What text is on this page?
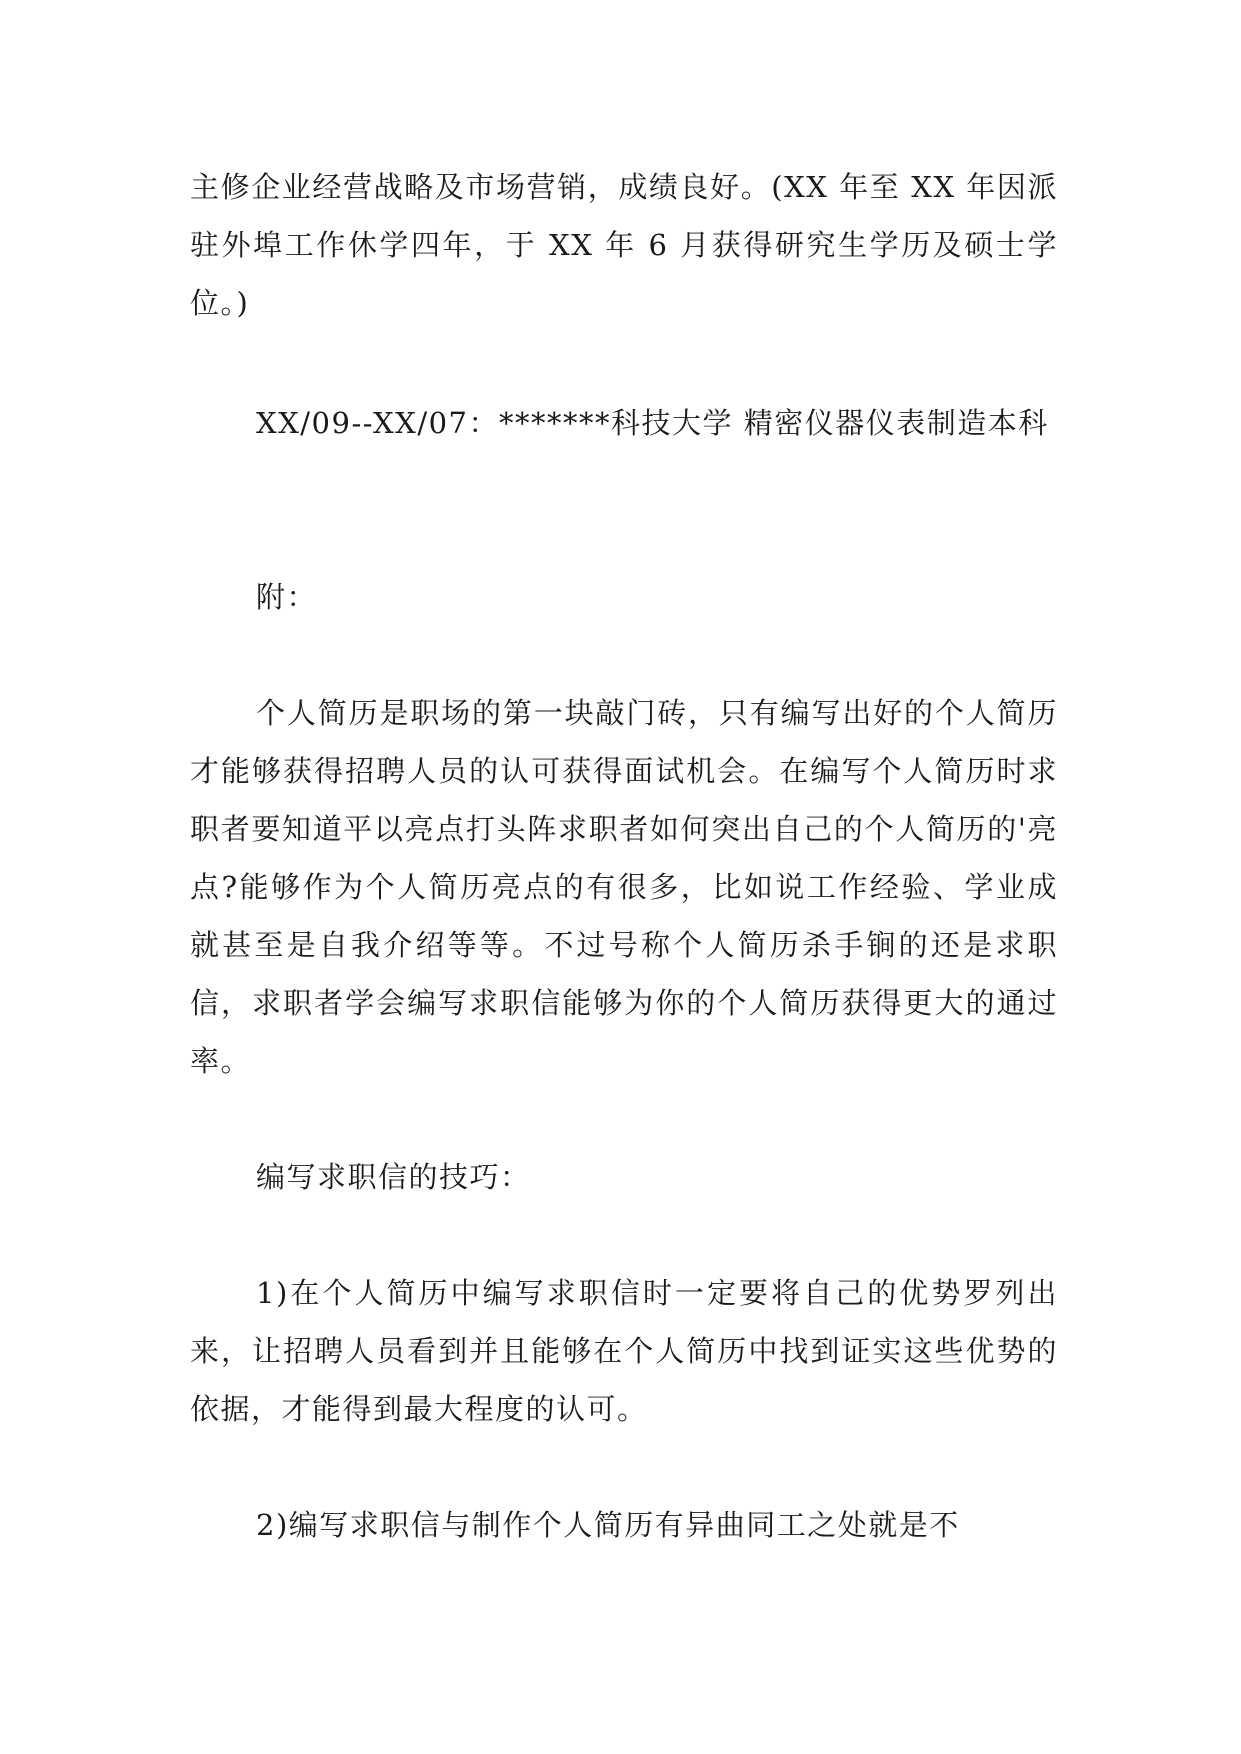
主修企业经营战略及市场营销，成绩良好。(XX 年至 XX 年因派驻外埠工作休学四年，于 XX 年 6 月获得研究生学历及硕士学位。)

XX/09--XX/07：*******科技大学 精密仪器仪表制造本科

附：

个人简历是职场的第一块敲门砖，只有编写出好的个人简历才能够获得招聘人员的认可获得面试机会。在编写个人简历时求职者要知道平以亮点打头阵求职者如何突出自己的个人简历的'亮点?能够作为个人简历亮点的有很多，比如说工作经验、学业成就甚至是自我介绍等等。不过号称个人简历杀手锏的还是求职信，求职者学会编写求职信能够为你的个人简历获得更大的通过率。

编写求职信的技巧：

1)在个人简历中编写求职信时一定要将自己的优势罗列出来，让招聘人员看到并且能够在个人简历中找到证实这些优势的依据，才能得到最大程度的认可。

2)编写求职信与制作个人简历有异曲同工之处就是不
